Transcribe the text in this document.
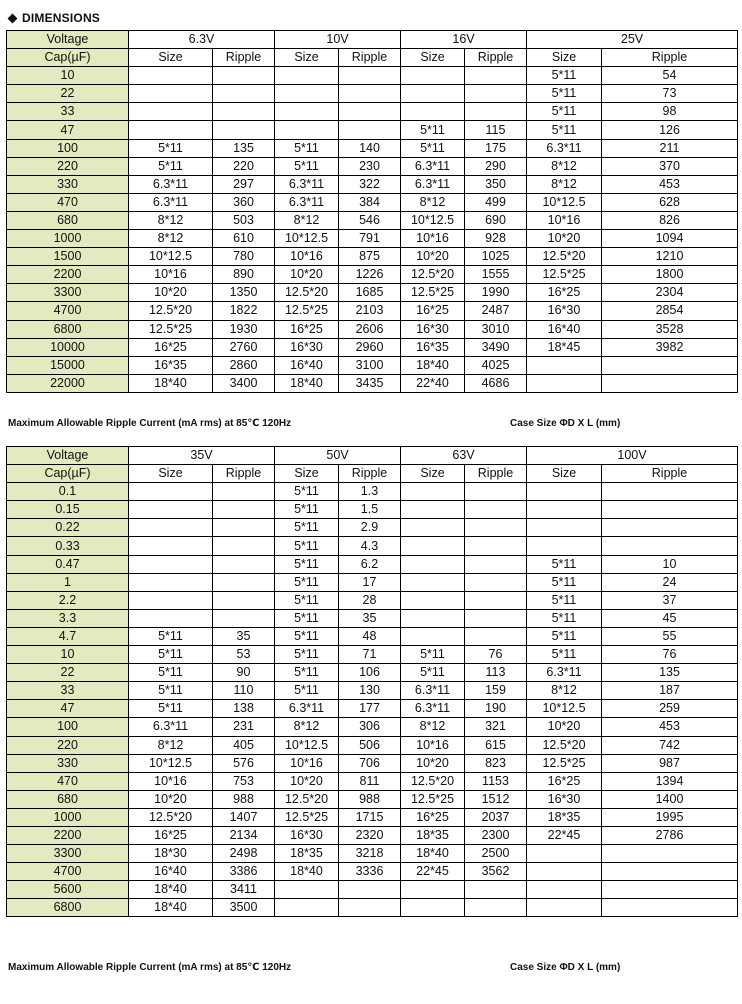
DIMENSIONS
Voltage	6.3V		10V		16V		25V	
Cap(µF)	Size	Ripple	Size	Ripple	Size	Ripple	Size	Ripple
10							5*11	54
22							5*11	73
33							5*11	98
47					5*11	115	5*11	126
100	5*11	135	5*11	140	5*11	175	6.3*11	211
220	5*11	220	5*11	230	6.3*11	290	8*12	370
330	6.3*11	297	6.3*11	322	6.3*11	350	8*12	453
470	6.3*11	360	6.3*11	384	8*12	499	10*12.5	628
680	8*12	503	8*12	546	10*12.5	690	10*16	826
1000	8*12	610	10*12.5	791	10*16	928	10*20	1094
1500	10*12.5	780	10*16	875	10*20	1025	12.5*20	1210
2200	10*16	890	10*20	1226	12.5*20	1555	12.5*25	1800
3300	10*20	1350	12.5*20	1685	12.5*25	1990	16*25	2304
4700	12.5*20	1822	12.5*25	2103	16*25	2487	16*30	2854
6800	12.5*25	1930	16*25	2606	16*30	3010	16*40	3528
10000	16*25	2760	16*30	2960	16*35	3490	18*45	3982
15000	16*35	2860	16*40	3100	18*40	4025		
22000	18*40	3400	18*40	3435	22*40	4686		
Maximum Allowable Ripple Current (mA rms) at 85℃ 120Hz	Case Size ΦD X L (mm)
Voltage	35V		50V		63V		100V	
Cap(µF)	Size	Ripple	Size	Ripple	Size	Ripple	Size	Ripple
0.1			5*11	1.3				
0.15			5*11	1.5				
0.22			5*11	2.9				
0.33			5*11	4.3				
0.47			5*11	6.2			5*11	10
1			5*11	17			5*11	24
2.2			5*11	28			5*11	37
3.3			5*11	35			5*11	45
4.7	5*11	35	5*11	48			5*11	55
10	5*11	53	5*11	71	5*11	76	5*11	76
22	5*11	90	5*11	106	5*11	113	6.3*11	135
33	5*11	110	5*11	130	6.3*11	159	8*12	187
47	5*11	138	6.3*11	177	6.3*11	190	10*12.5	259
100	6.3*11	231	8*12	306	8*12	321	10*20	453
220	8*12	405	10*12.5	506	10*16	615	12.5*20	742
330	10*12.5	576	10*16	706	10*20	823	12.5*25	987
470	10*16	753	10*20	811	12.5*20	1153	16*25	1394
680	10*20	988	12.5*20	988	12.5*25	1512	16*30	1400
1000	12.5*20	1407	12.5*25	1715	16*25	2037	18*35	1995
2200	16*25	2134	16*30	2320	18*35	2300	22*45	2786
3300	18*30	2498	18*35	3218	18*40	2500		
4700	16*40	3386	18*40	3336	22*45	3562		
5600	18*40	3411						
6800	18*40	3500						
Maximum Allowable Ripple Current (mA rms) at 85℃ 120Hz	Case Size ΦD X L (mm)
